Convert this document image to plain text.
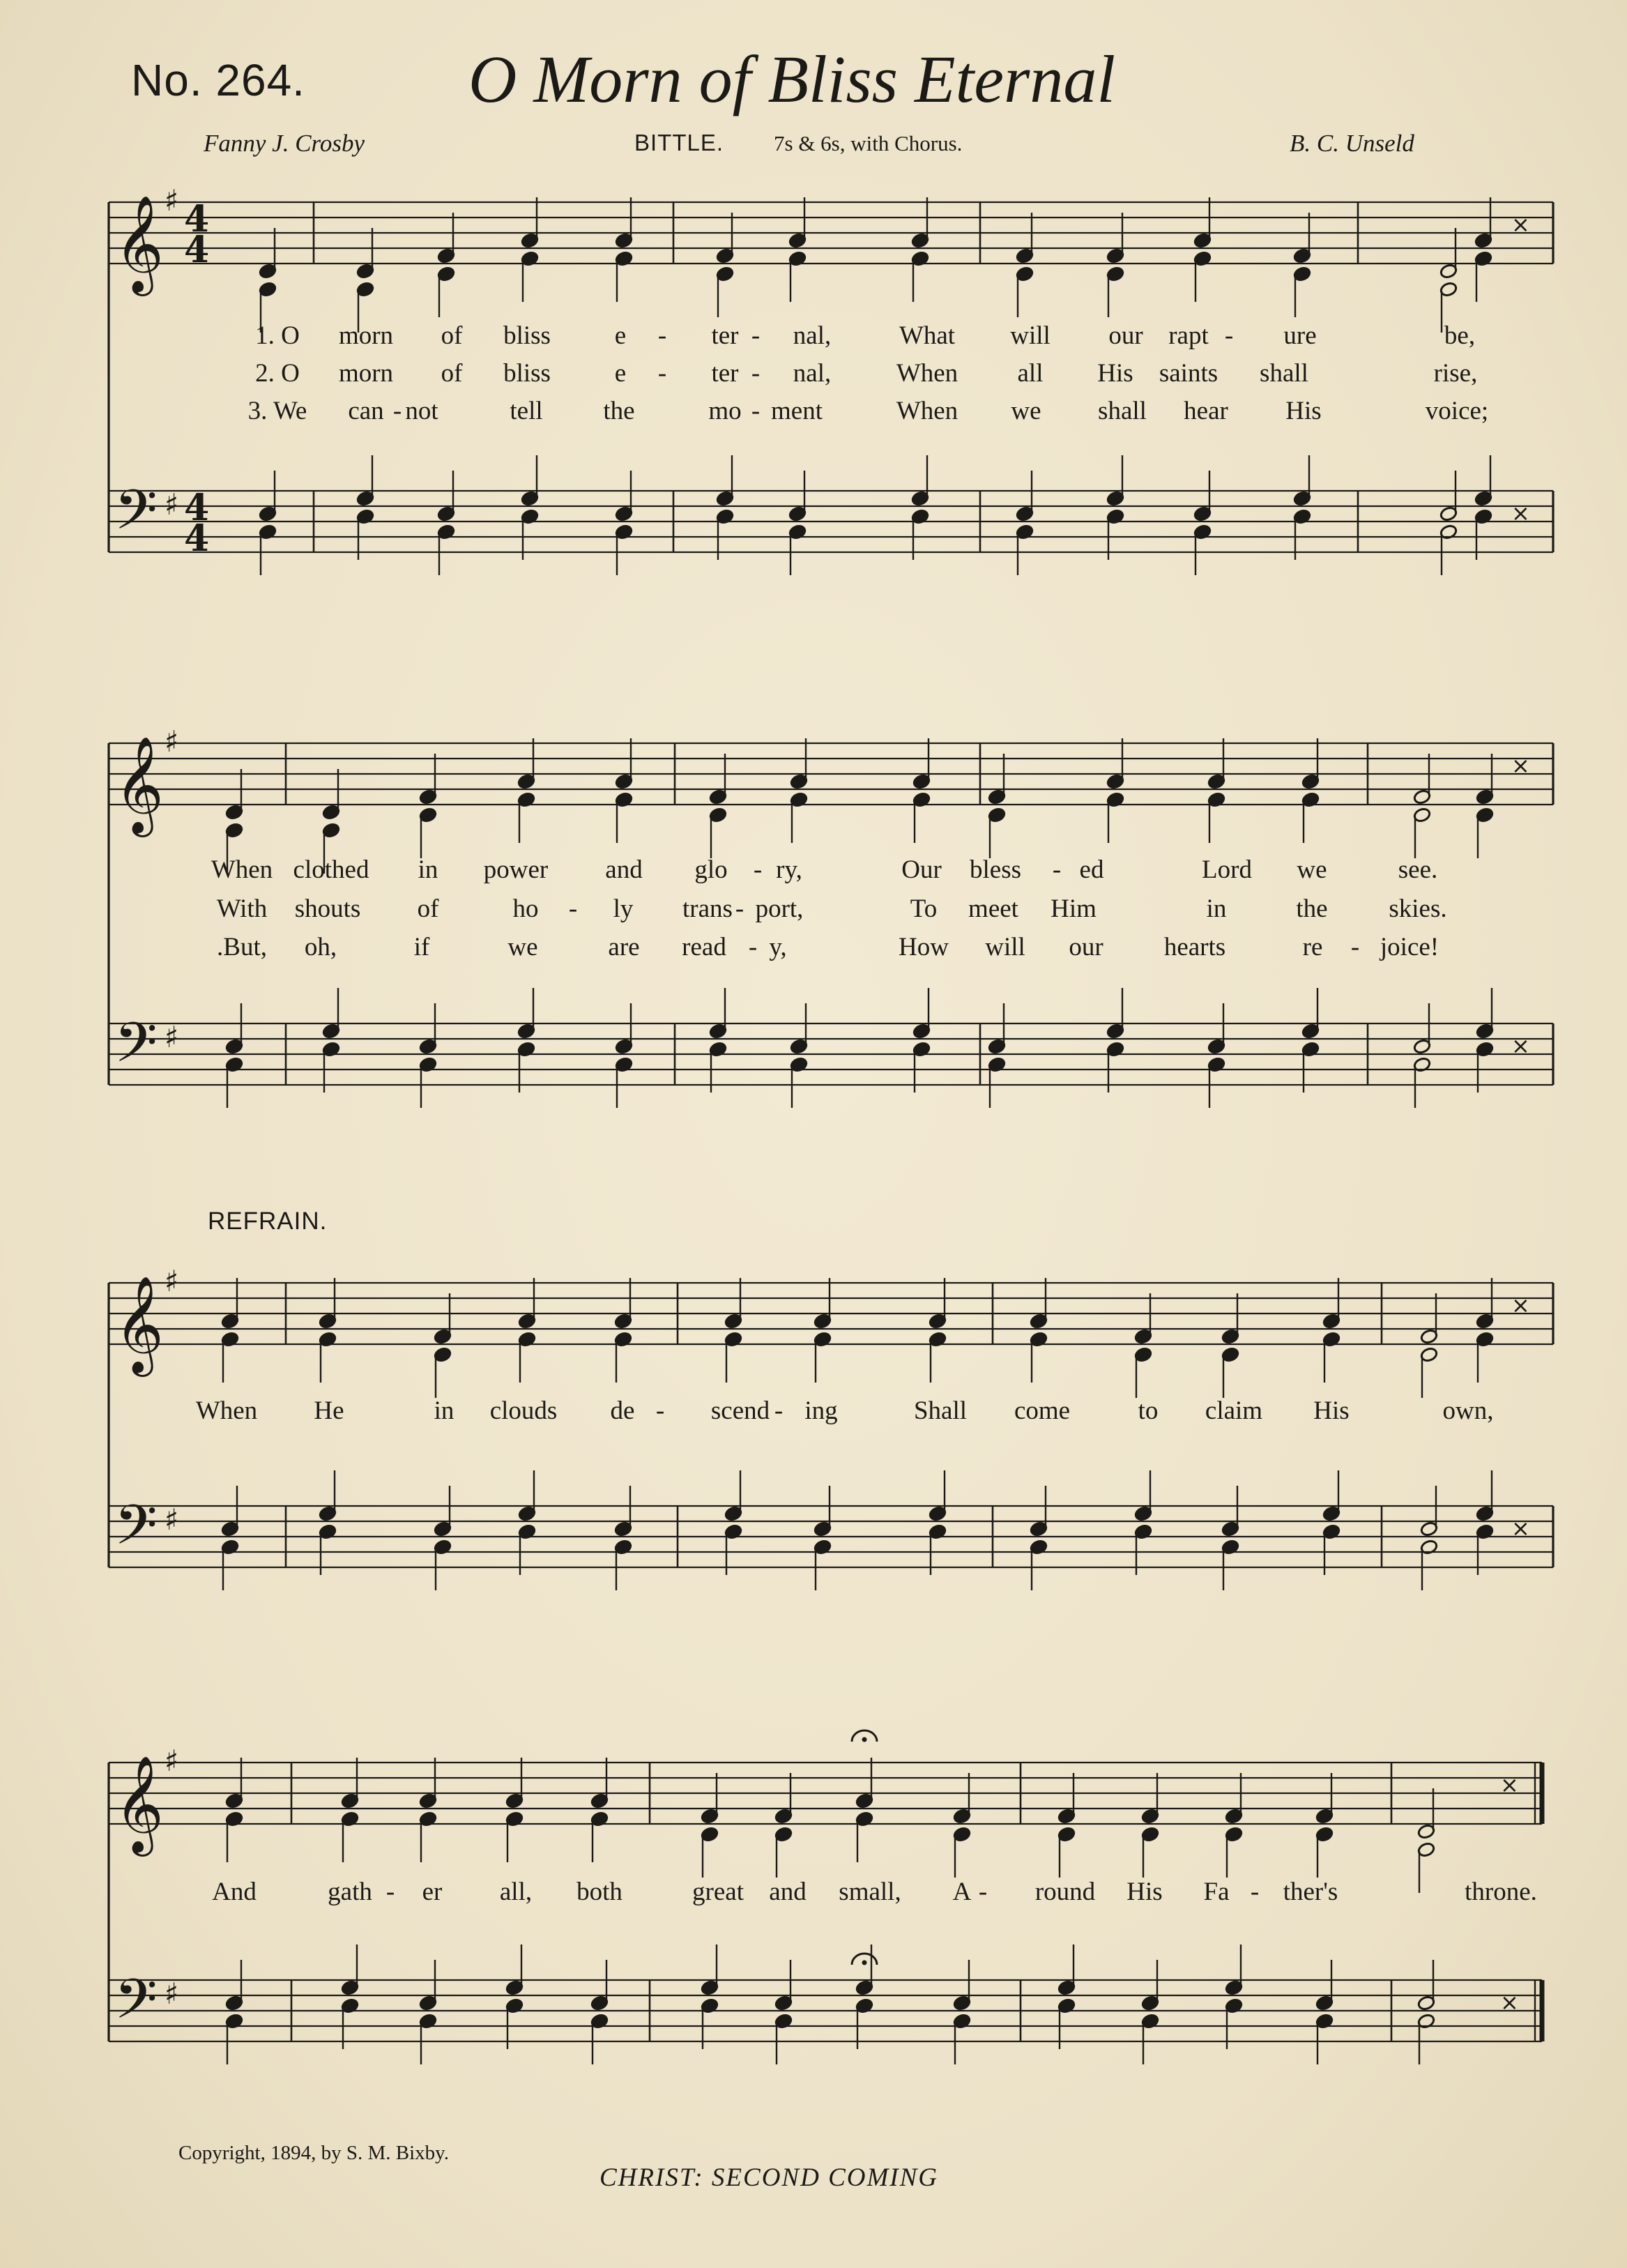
No. 264. O Morn of Bliss Eternal
Fanny J. Crosby	BITTLE. 7s & 6s, with Chorus.	B. C. Unseld
𝄞
𝄢
♯
♯
4
4
4
4
⨯
⨯
𝄞
𝄢
♯
♯
⨯
⨯
𝄞
𝄢
♯
♯
⨯
⨯
𝄞
𝄢
♯
♯
⨯
⨯
1. O morn of bliss e - ter - nal,	What will our rapt - ure	be,
2. O morn of bliss e - ter - nal,	When all His saints shall	rise,
3. We can - not	tell the	mo - ment	When we shall hear His	voice;
When clothed in power and glo - ry,	Our bless - ed	Lord we	see.
With shouts of	ho - ly trans - port,	To meet Him	in	the skies.
.But, oh,	if	we	are read - y,	How will our hearts	re - joice!
REFRAIN.
When He	in clouds de - scend - ing	Shall come	to claim His	own,
And	gath - er all, both	great and small, A - round His Fa - ther's	throne.
Copyright, 1894, by S. M. Bixby.
CHRIST: SECOND COMING
